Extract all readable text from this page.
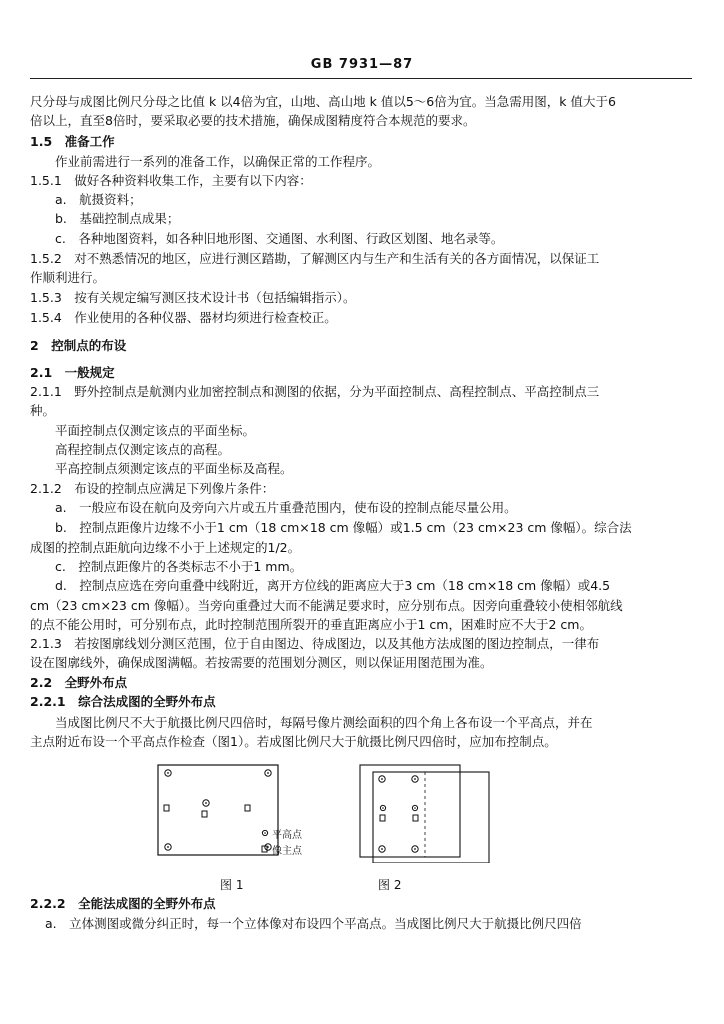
GB 7931—87
尺分母与成图比例尺分母之比值 k 以4倍为宜，山地、高山地 k 值以5～6倍为宜。当急需用图，k 值大于6
倍以上，直至8倍时，要采取必要的技术措施，确保成图精度符合本规范的要求。
1.5　准备工作
作业前需进行一系列的准备工作，以确保正常的工作程序。
1.5.1　做好各种资料收集工作，主要有以下内容：
a.　航摄资料；
b.　基础控制点成果；
c.　各种地图资料，如各种旧地形图、交通图、水利图、行政区划图、地名录等。
1.5.2　对不熟悉情况的地区，应进行测区踏勘，了解测区内与生产和生活有关的各方面情况，以保证工
作顺利进行。
1.5.3　按有关规定编写测区技术设计书（包括编辑指示）。
1.5.4　作业使用的各种仪器、器材均须进行检查校正。
2　控制点的布设
2.1　一般规定
2.1.1　野外控制点是航测内业加密控制点和测图的依据，分为平面控制点、高程控制点、平高控制点三
种。
平面控制点仅测定该点的平面坐标。
高程控制点仅测定该点的高程。
平高控制点须测定该点的平面坐标及高程。
2.1.2　布设的控制点应满足下列像片条件：
a.　一般应布设在航向及旁向六片或五片重叠范围内，使布设的控制点能尽量公用。
b.　控制点距像片边缘不小于1 cm（18 cm×18 cm 像幅）或1.5 cm（23 cm×23 cm 像幅）。综合法
成图的控制点距航向边缘不小于上述规定的1/2。
c.　控制点距像片的各类标志不小于1 mm。
d.　控制点应选在旁向重叠中线附近，离开方位线的距离应大于3 cm（18 cm×18 cm 像幅）或4.5
cm（23 cm×23 cm 像幅）。当旁向重叠过大而不能满足要求时，应分别布点。因旁向重叠较小使相邻航线
的点不能公用时，可分别布点，此时控制范围所裂开的垂直距离应小于1 cm，困难时应不大于2 cm。
2.1.3　若按图廓线划分测区范围，位于自由图边、待成图边，以及其他方法成图的图边控制点，一律布
设在图廓线外，确保成图满幅。若按需要的范围划分测区，则以保证用图范围为准。
2.2　全野外布点
2.2.1　综合法成图的全野外布点
当成图比例尺不大于航摄比例尺四倍时，每隔号像片测绘面积的四个角上各布设一个平高点，并在
主点附近布设一个平高点作检查（图1）。若成图比例尺大于航摄比例尺四倍时，应加布控制点。
平高点
像主点
图 1	图 2
2.2.2　全能法成图的全野外布点
a.　立体测图或微分纠正时，每一个立体像对布设四个平高点。当成图比例尺大于航摄比例尺四倍
